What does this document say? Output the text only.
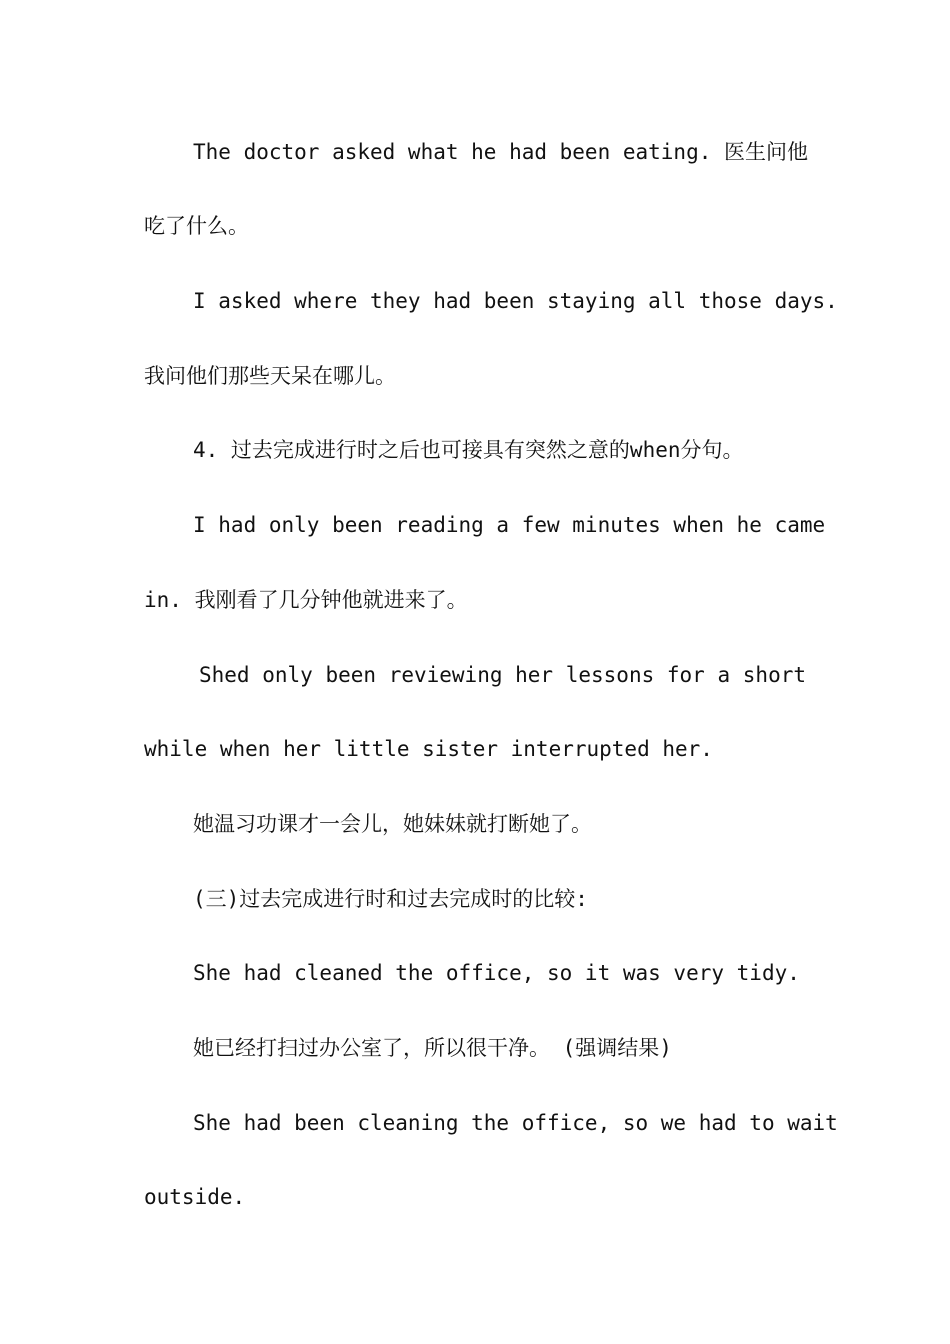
The doctor asked what he had been eating. 医生问他
吃了什么。
I asked where they had been staying all those days.
我问他们那些天呆在哪儿。
4. 过去完成进行时之后也可接具有突然之意的when分句。
I had only been reading a few minutes when he came
in. 我刚看了几分钟他就进来了。
Shed only been reviewing her lessons for a short
while when her little sister interrupted her.
她温习功课才一会儿，她妹妹就打断她了。
(三)过去完成进行时和过去完成时的比较:
She had cleaned the office, so it was very tidy.
她已经打扫过办公室了，所以很干净。 (强调结果)
She had been cleaning the office, so we had to wait
outside.
